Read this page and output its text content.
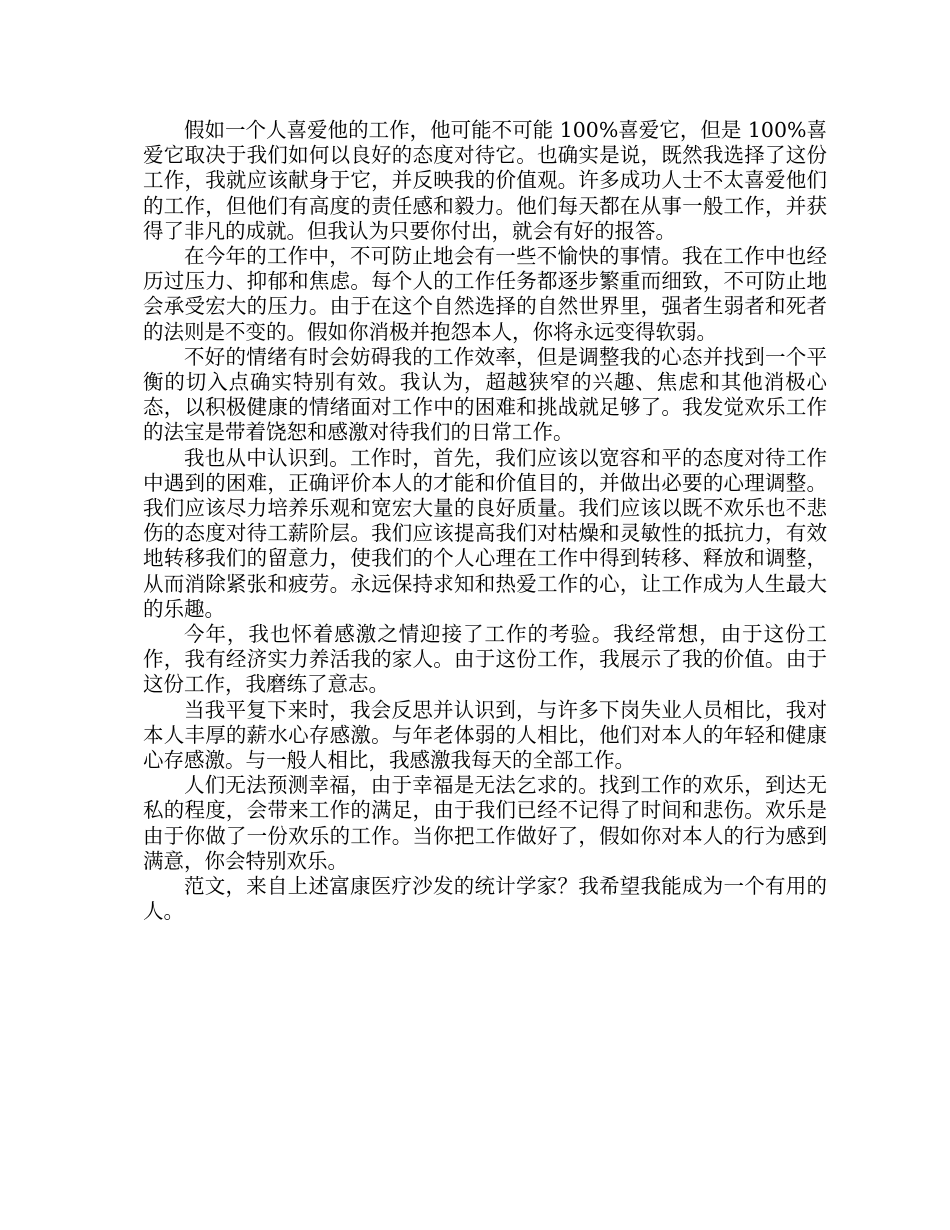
假如一个人喜爱他的工作，他可能不可能 100%喜爱它，但是 100%喜爱它取决于我们如何以良好的态度对待它。也确实是说，既然我选择了这份工作，我就应该献身于它，并反映我的价值观。许多成功人士不太喜爱他们的工作，但他们有高度的责任感和毅力。他们每天都在从事一般工作，并获得了非凡的成就。但我认为只要你付出，就会有好的报答。

在今年的工作中，不可防止地会有一些不愉快的事情。我在工作中也经历过压力、抑郁和焦虑。每个人的工作任务都逐步繁重而细致，不可防止地会承受宏大的压力。由于在这个自然选择的自然世界里，强者生弱者和死者的法则是不变的。假如你消极并抱怨本人，你将永远变得软弱。

不好的情绪有时会妨碍我的工作效率，但是调整我的心态并找到一个平衡的切入点确实特别有效。我认为，超越狭窄的兴趣、焦虑和其他消极心态，以积极健康的情绪面对工作中的困难和挑战就足够了。我发觉欢乐工作的法宝是带着饶恕和感激对待我们的日常工作。

我也从中认识到。工作时，首先，我们应该以宽容和平的态度对待工作中遇到的困难，正确评价本人的才能和价值目的，并做出必要的心理调整。我们应该尽力培养乐观和宽宏大量的良好质量。我们应该以既不欢乐也不悲伤的态度对待工薪阶层。我们应该提高我们对枯燥和灵敏性的抵抗力，有效地转移我们的留意力，使我们的个人心理在工作中得到转移、释放和调整，从而消除紧张和疲劳。永远保持求知和热爱工作的心，让工作成为人生最大的乐趣。

今年，我也怀着感激之情迎接了工作的考验。我经常想，由于这份工作，我有经济实力养活我的家人。由于这份工作，我展示了我的价值。由于这份工作，我磨练了意志。

当我平复下来时，我会反思并认识到，与许多下岗失业人员相比，我对本人丰厚的薪水心存感激。与年老体弱的人相比，他们对本人的年轻和健康心存感激。与一般人相比，我感激我每天的全部工作。

人们无法预测幸福，由于幸福是无法乞求的。找到工作的欢乐，到达无私的程度，会带来工作的满足，由于我们已经不记得了时间和悲伤。欢乐是由于你做了一份欢乐的工作。当你把工作做好了，假如你对本人的行为感到满意，你会特别欢乐。

范文，来自上述富康医疗沙发的统计学家？我希望我能成为一个有用的人。
